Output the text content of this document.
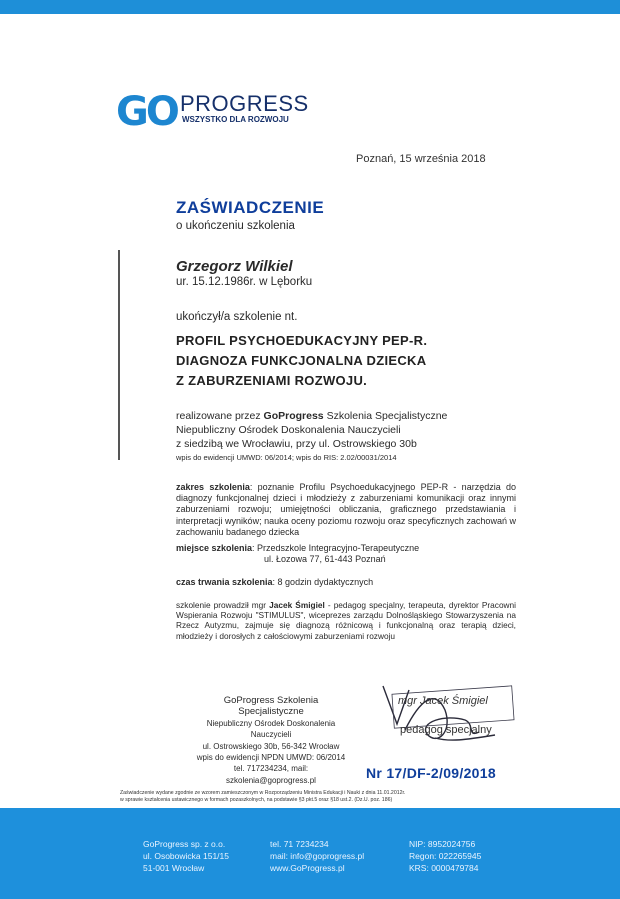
GO PROGRESS
WSZYSTKO DLA ROZWOJU
Poznań, 15 września 2018
ZAŚWIADCZENIE
o ukończeniu szkolenia
Grzegorz Wilkiel
ur. 15.12.1986r. w Lęborku
ukończył/a szkolenie nt.
PROFIL PSYCHOEDUKACYJNY PEP-R.
DIAGNOZA FUNKCJONALNA DZIECKA
Z ZABURZENIAMI ROZWOJU.
realizowane przez GoProgress Szkolenia Specjalistyczne
Niepubliczny Ośrodek Doskonalenia Nauczycieli
z siedzibą we Wrocławiu, przy ul. Ostrowskiego 30b
wpis do ewidencji UMWD: 06/2014; wpis do RIS: 2.02/00031/2014
zakres szkolenia: poznanie Profilu Psychoedukacyjnego PEP-R - narzędzia do diagnozy funkcjonalnej dzieci i młodzieży z zaburzeniami komunikacji oraz innymi zaburzeniami rozwoju; umiejętności obliczania, graficznego przedstawiania i interpretacji wyników; nauka oceny poziomu rozwoju oraz specyficznych zachowań w zachowaniu badanego dziecka
miejsce szkolenia: Przedszkole Integracyjno-Terapeutyczne
ul. Łozowa 77, 61-443 Poznań
czas trwania szkolenia: 8 godzin dydaktycznych
szkolenie prowadził mgr Jacek Śmigiel - pedagog specjalny, terapeuta, dyrektor Pracowni Wspierania Rozwoju "STIMULUS", wiceprezes zarządu Dolnośląskiego Stowarzyszenia na Rzecz Autyzmu, zajmuje się diagnozą różnicową i funkcjonalną oraz terapią dzieci, młodzieży i dorosłych z całościowymi zaburzeniami rozwoju
GoProgress Szkolenia Specjalistyczne
Niepubliczny Ośrodek Doskonalenia Nauczycieli
ul. Ostrowskiego 30b, 56-342 Wrocław
wpis do ewidencji NPDN UMWD: 06/2014
tel. 717234234, mail: szkolenia@goprogress.pl
mgr Jacek Śmigiel
pedagog specjalny
Nr 17/DF-2/09/2018
Zaświadczenie wydane zgodnie ze wzorem zamieszczonym w Rozporządzeniu Ministra Edukacji i Nauki z dnia 11.01.2012r.
w sprawie kształcenia ustawicznego w formach pozaszkolnych, na podstawie §3 pkt.5 oraz §18 ust.2. (Dz.U. poz. 186)
GoProgress sp. z o.o.
ul. Osobowicka 151/15
51-001 Wrocław
tel. 71 7234234
mail: info@goprogress.pl
www.GoProgress.pl
NIP: 8952024756
Regon: 022265945
KRS: 0000479784
